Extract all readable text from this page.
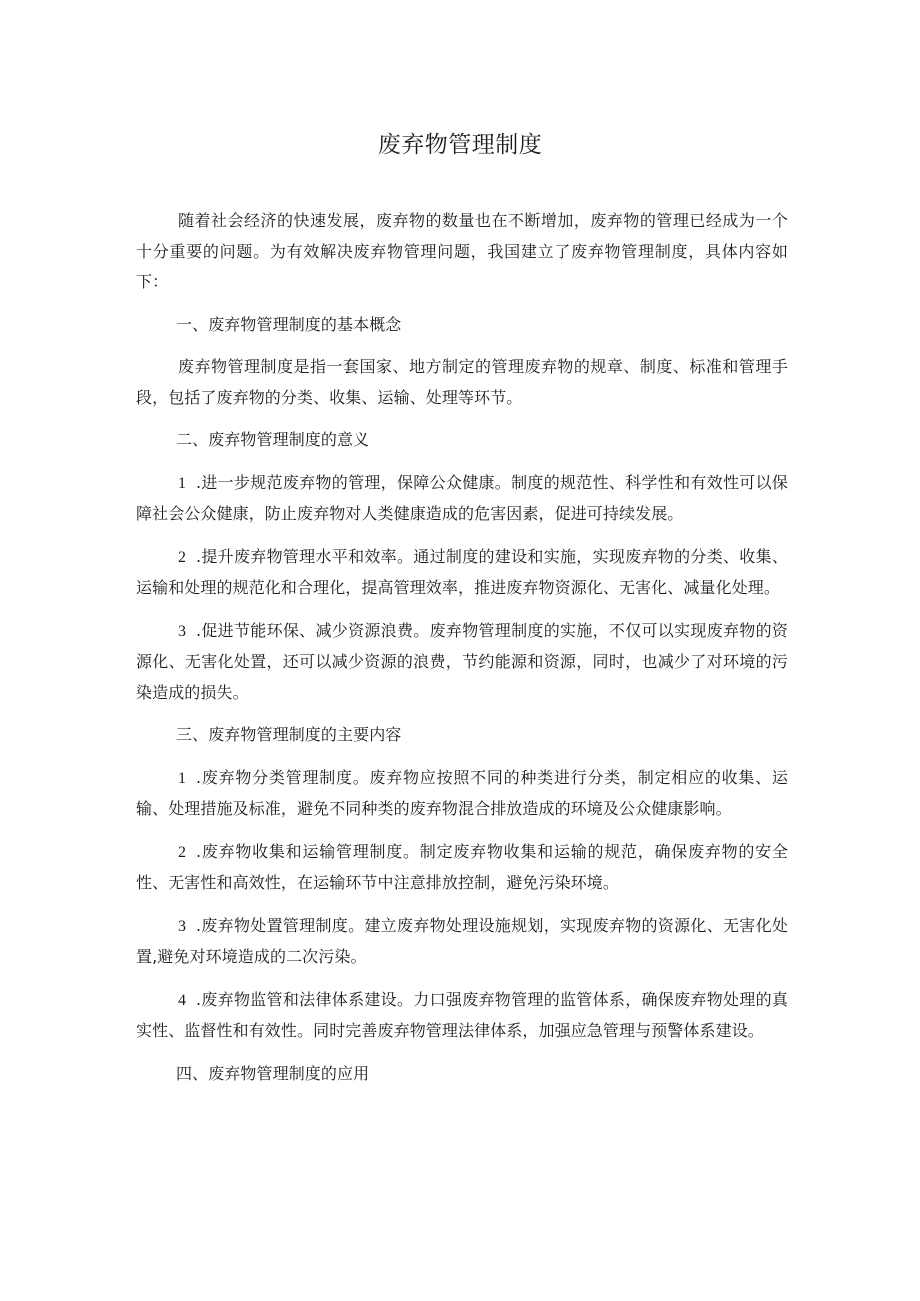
废弃物管理制度

随着社会经济的快速发展，废弃物的数量也在不断增加，废弃物的管理已经成为一个十分重要的问题。为有效解决废弃物管理问题，我国建立了废弃物管理制度，具体内容如下：

一、废弃物管理制度的基本概念

废弃物管理制度是指一套国家、地方制定的管理废弃物的规章、制度、标准和管理手段，包括了废弃物的分类、收集、运输、处理等环节。

二、废弃物管理制度的意义

1 .进一步规范废弃物的管理，保障公众健康。制度的规范性、科学性和有效性可以保障社会公众健康，防止废弃物对人类健康造成的危害因素，促进可持续发展。

2 .提升废弃物管理水平和效率。通过制度的建设和实施，实现废弃物的分类、收集、运输和处理的规范化和合理化，提高管理效率，推进废弃物资源化、无害化、减量化处理。

3 .促进节能环保、减少资源浪费。废弃物管理制度的实施，不仅可以实现废弃物的资源化、无害化处置，还可以减少资源的浪费，节约能源和资源，同时，也减少了对环境的污染造成的损失。

三、废弃物管理制度的主要内容

1 .废弃物分类管理制度。废弃物应按照不同的种类进行分类，制定相应的收集、运输、处理措施及标准，避免不同种类的废弃物混合排放造成的环境及公众健康影响。

2 .废弃物收集和运输管理制度。制定废弃物收集和运输的规范，确保废弃物的安全性、无害性和高效性，在运输环节中注意排放控制，避免污染环境。

3 .废弃物处置管理制度。建立废弃物处理设施规划，实现废弃物的资源化、无害化处置,避免对环境造成的二次污染。

4 .废弃物监管和法律体系建设。力口强废弃物管理的监管体系，确保废弃物处理的真实性、监督性和有效性。同时完善废弃物管理法律体系，加强应急管理与预警体系建设。

四、废弃物管理制度的应用
